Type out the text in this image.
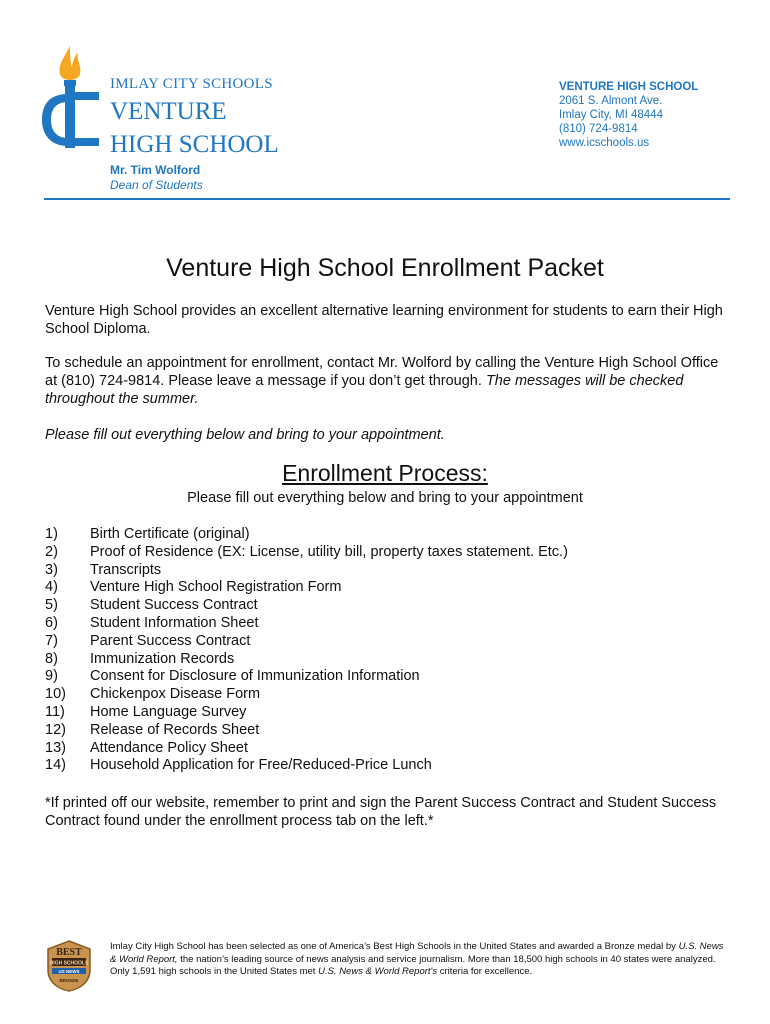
IMLAY CITY SCHOOLS
VENTURE
HIGH SCHOOL
VENTURE HIGH SCHOOL
2061 S. Almont Ave.
Imlay City, MI 48444
(810) 724-9814
www.icschools.us
Mr. Tim Wolford
Dean of Students
Venture High School Enrollment Packet
Venture High School provides an excellent alternative learning environment for students to earn their High School Diploma.
To schedule an appointment for enrollment, contact Mr. Wolford by calling the Venture High School Office at (810) 724-9814. Please leave a message if you don’t get through. The messages will be checked throughout the summer.
Please fill out everything below and bring to your appointment.
Enrollment Process:
Please fill out everything below and bring to your appointment
1)	Birth Certificate (original)
2)	Proof of Residence (EX: License, utility bill, property taxes statement. Etc.)
3)	Transcripts
4)	Venture High School Registration Form
5)	Student Success Contract
6)	Student Information Sheet
7)	Parent Success Contract
8)	Immunization Records
9)	Consent for Disclosure of Immunization Information
10)	Chickenpox Disease Form
11)	Home Language Survey
12)	Release of Records Sheet
13)	Attendance Policy Sheet
14)	Household Application for Free/Reduced-Price Lunch
*If printed off our website, remember to print and sign the Parent Success Contract and Student Success Contract found under the enrollment process tab on the left.*
BEST
HIGH SCHOOLS
US NEWS
BRONZE
Imlay City High School has been selected as one of America’s Best High Schools in the United States and awarded a Bronze medal by U.S. News & World Report, the nation’s leading source of news analysis and service journalism. More than 18,500 high schools in 40 states were analyzed. Only 1,591 high schools in the United States met U.S. News & World Report's criteria for excellence.
